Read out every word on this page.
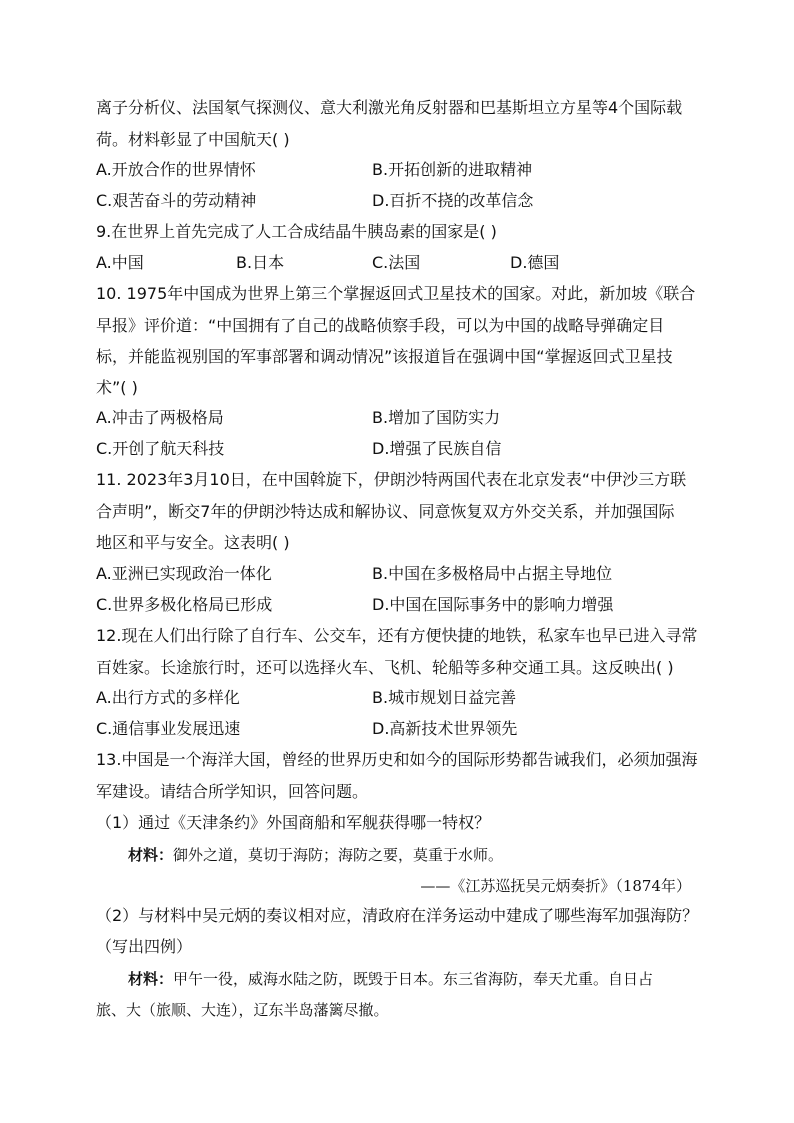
离子分析仪、法国氡气探测仪、意大利激光角反射器和巴基斯坦立方星等4个国际载
荷。材料彰显了中国航天( )
A.开放合作的世界情怀	B.开拓创新的进取精神
C.艰苦奋斗的劳动精神	D.百折不挠的改革信念
9.在世界上首先完成了人工合成结晶牛胰岛素的国家是( )
A.中国	B.日本	C.法国	D.德国
10. 1975年中国成为世界上第三个掌握返回式卫星技术的国家。对此，新加坡《联合
早报》评价道：“中国拥有了自己的战略侦察手段，可以为中国的战略导弹确定目
标，并能监视别国的军事部署和调动情况”该报道旨在强调中国“掌握返回式卫星技
术”( )
A.冲击了两极格局	B.增加了国防实力
C.开创了航天科技	D.增强了民族自信
11. 2023年3月10日，在中国斡旋下，伊朗沙特两国代表在北京发表“中伊沙三方联
合声明”，断交7年的伊朗沙特达成和解协议、同意恢复双方外交关系，并加强国际
地区和平与安全。这表明( )
A.亚洲已实现政治一体化	B.中国在多极格局中占据主导地位
C.世界多极化格局已形成	D.中国在国际事务中的影响力增强
12.现在人们出行除了自行车、公交车，还有方便快捷的地铁，私家车也早已进入寻常
百姓家。长途旅行时，还可以选择火车、飞机、轮船等多种交通工具。这反映出( )
A.出行方式的多样化	B.城市规划日益完善
C.通信事业发展迅速	D.高新技术世界领先
13.中国是一个海洋大国，曾经的世界历史和如今的国际形势都告诫我们，必须加强海
军建设。请结合所学知识，回答问题。
（1）通过《天津条约》外国商船和军舰获得哪一特权？
材料：御外之道，莫切于海防；海防之要，莫重于水师。
——《江苏巡抚吴元炳奏折》（1874年）
（2）与材料中吴元炳的奏议相对应，清政府在洋务运动中建成了哪些海军加强海防？
（写出四例）
材料：甲午一役，威海水陆之防，既毁于日本。东三省海防，奉天尤重。自日占
旅、大（旅顺、大连），辽东半岛藩篱尽撤。
